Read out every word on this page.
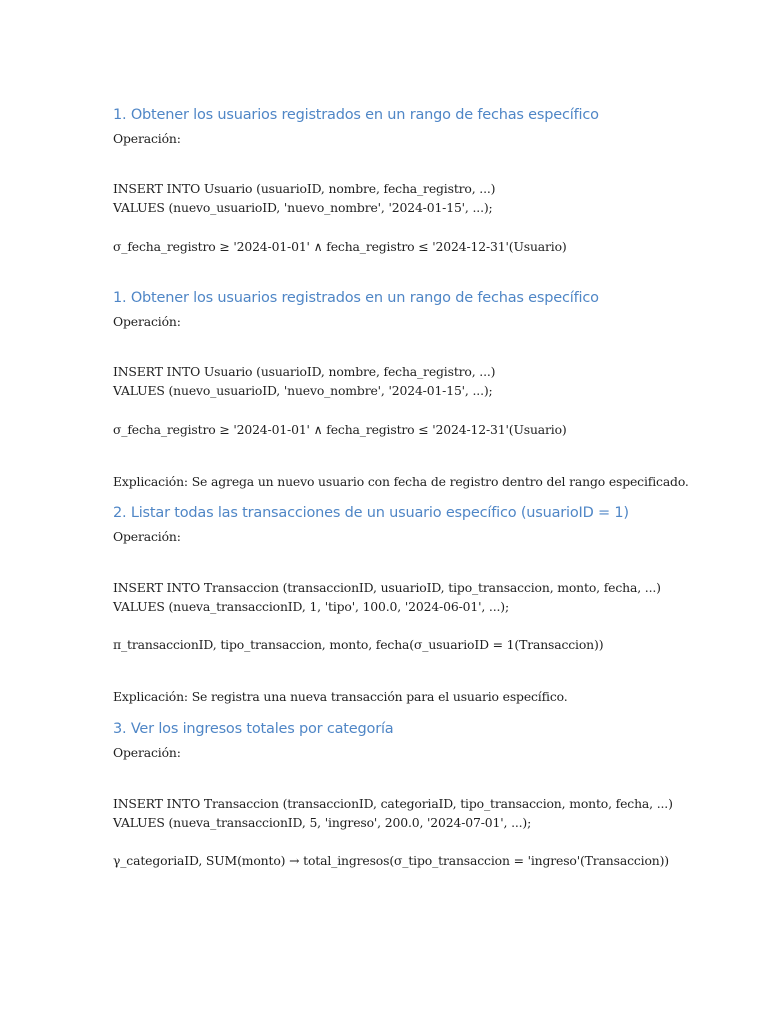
1. Obtener los usuarios registrados en un rango de fechas específico

Operación:

INSERT INTO Usuario (usuarioID, nombre, fecha_registro, ...)

VALUES (nuevo_usuarioID, 'nuevo_nombre', '2024-01-15', ...);

σ_fecha_registro ≥ '2024-01-01' ∧ fecha_registro ≤ '2024-12-31'(Usuario)

1. Obtener los usuarios registrados en un rango de fechas específico

Operación:

INSERT INTO Usuario (usuarioID, nombre, fecha_registro, ...)

VALUES (nuevo_usuarioID, 'nuevo_nombre', '2024-01-15', ...);

σ_fecha_registro ≥ '2024-01-01' ∧ fecha_registro ≤ '2024-12-31'(Usuario)

Explicación: Se agrega un nuevo usuario con fecha de registro dentro del rango especificado.

2. Listar todas las transacciones de un usuario específico (usuarioID = 1)

Operación:

INSERT INTO Transaccion (transaccionID, usuarioID, tipo_transaccion, monto, fecha, ...)

VALUES (nueva_transaccionID, 1, 'tipo', 100.0, '2024-06-01', ...);

π_transaccionID, tipo_transaccion, monto, fecha(σ_usuarioID = 1(Transaccion))

Explicación: Se registra una nueva transacción para el usuario específico.

3. Ver los ingresos totales por categoría

Operación:

INSERT INTO Transaccion (transaccionID, categoriaID, tipo_transaccion, monto, fecha, ...)

VALUES (nueva_transaccionID, 5, 'ingreso', 200.0, '2024-07-01', ...);

γ_categoriaID, SUM(monto) → total_ingresos(σ_tipo_transaccion = 'ingreso'(Transaccion))
